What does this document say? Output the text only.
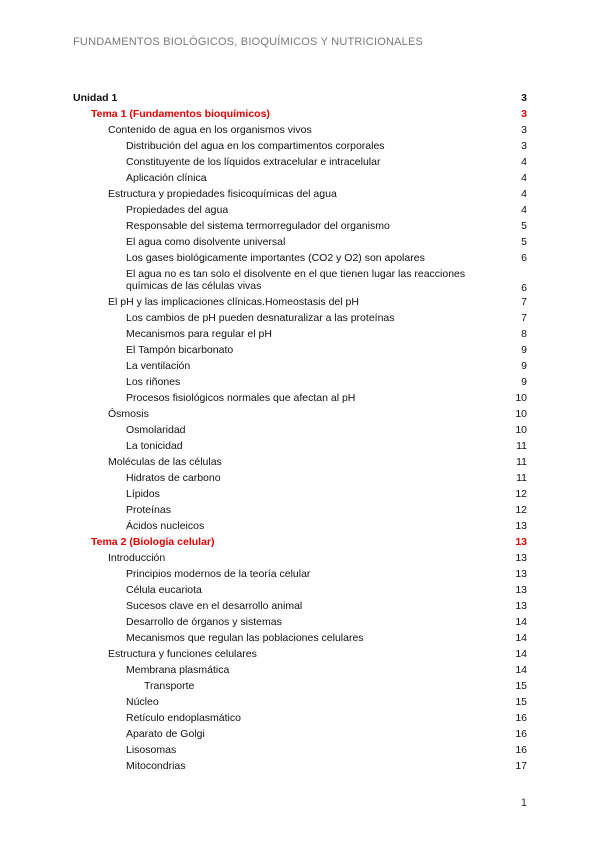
FUNDAMENTOS BIOLÓGICOS, BIOQUÍMICOS Y NUTRICIONALES
Unidad 1	3
Tema 1 (Fundamentos bioquímicos)	3
Contenido de agua en los organismos vivos	3
Distribución del agua en los compartimentos corporales	3
Constituyente de los líquidos extracelular e intracelular	4
Aplicación clínica	4
Estructura y propiedades fisicoquímicas del agua	4
Propiedades del agua	4
Responsable del sistema termorregulador del organismo	5
El agua como disolvente universal	5
Los gases biológicamente importantes (CO2 y O2) son apolares	6
El agua no es tan solo el disolvente en el que tienen lugar las reacciones químicas de las células vivas	6
El pH y las implicaciones clínicas.Homeostasis del pH	7
Los cambios de pH pueden desnaturalizar a las proteínas	7
Mecanismos para regular el pH	8
El Tampón bicarbonato	9
La ventilación	9
Los riñones	9
Procesos fisiológicos normales que afectan al pH	10
Ósmosis	10
Osmolaridad	10
La tonicidad	11
Moléculas de las células	11
Hidratos de carbono	11
Lípidos	12
Proteínas	12
Ácidos nucleicos	13
Tema 2 (Biología celular)	13
Introducción	13
Principios modernos de la teoría celular	13
Célula eucariota	13
Sucesos clave en el desarrollo animal	13
Desarrollo de órganos y sistemas	14
Mecanismos que regulan las poblaciones celulares	14
Estructura y funciones celulares	14
Membrana plasmática	14
Transporte	15
Núcleo	15
Retículo endoplasmático	16
Aparato de Golgi	16
Lisosomas	16
Mitocondrias	17
1
